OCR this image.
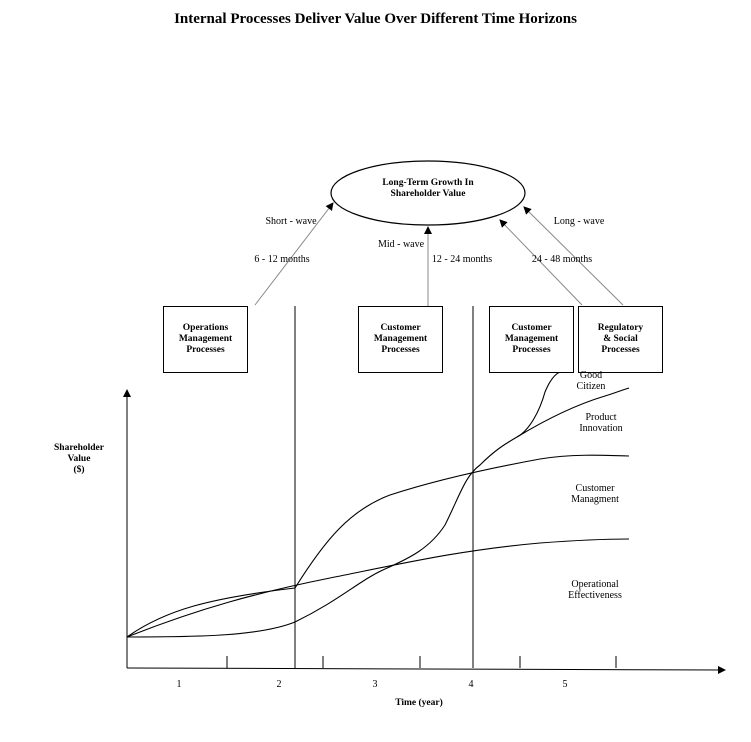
Internal Processes Deliver Value Over Different Time Horizons
Long-Term Growth In
Shareholder Value
Short - wave
6 - 12 months
Mid - wave
12 - 24 months
Long - wave
24 - 48 months
Operations
Management
Processes
Customer
Management
Processes
Customer
Management
Processes
Regulatory
& Social
Processes
Shareholder
Value
($)
1	2	3	4	5
Time (year)
Good
Citizen
Product
Innovation
Customer
Managment
Operational
Effectiveness
